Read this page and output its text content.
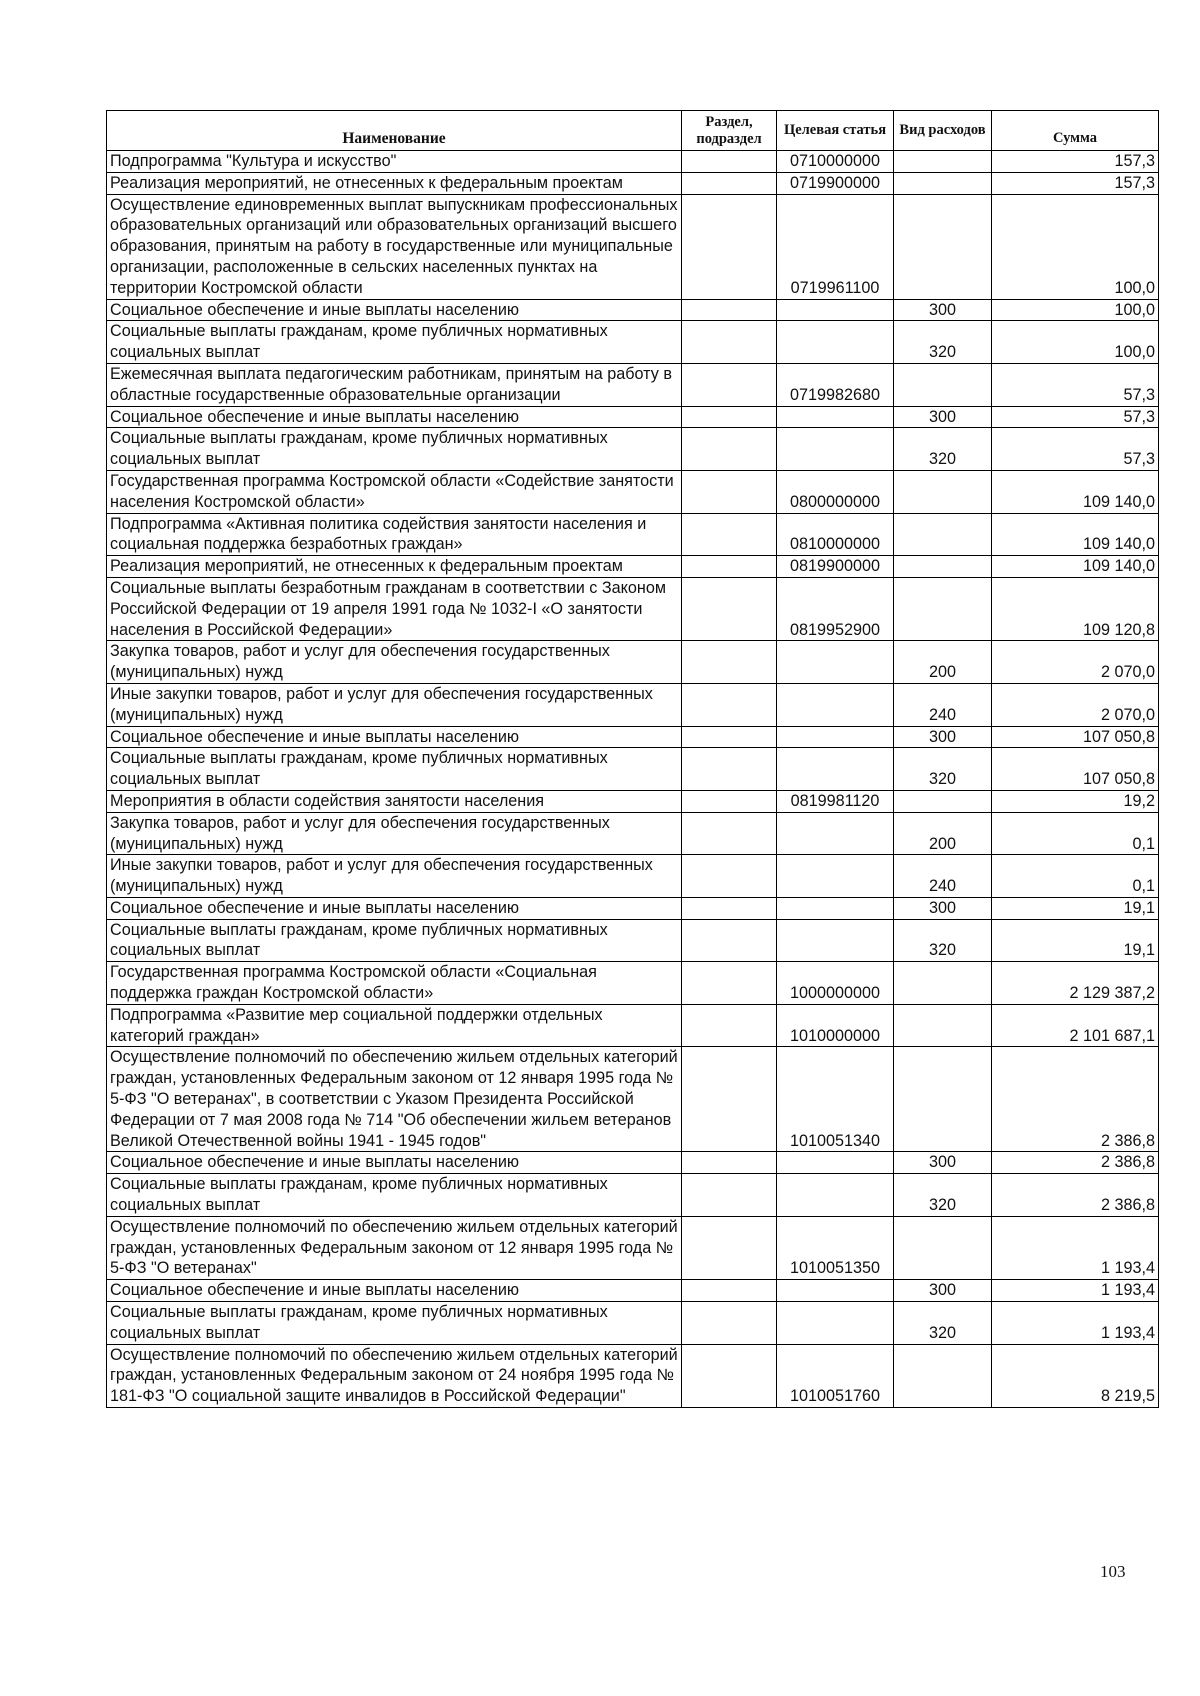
Наименование	Раздел, подраздел	Целевая статья	Вид расходов	Сумма
Подпрограмма "Культура и искусство"		0710000000		157,3
Реализация мероприятий, не отнесенных к федеральным проектам		0719900000		157,3
Осуществление единовременных выплат выпускникам профессиональных образовательных организаций или образовательных организаций высшего образования, принятым на работу в государственные или муниципальные организации, расположенные в сельских населенных пунктах на территории Костромской области		0719961100		100,0
Социальное обеспечение и иные выплаты населению			300	100,0
Социальные выплаты гражданам, кроме публичных нормативных социальных выплат			320	100,0
Ежемесячная выплата педагогическим работникам, принятым на работу в областные государственные образовательные организации		0719982680		57,3
Социальное обеспечение и иные выплаты населению			300	57,3
Социальные выплаты гражданам, кроме публичных нормативных социальных выплат			320	57,3
Государственная программа Костромской области «Содействие занятости населения Костромской области»		0800000000		109 140,0
Подпрограмма «Активная политика содействия занятости населения и социальная поддержка безработных граждан»		0810000000		109 140,0
Реализация мероприятий, не отнесенных к федеральным проектам		0819900000		109 140,0
Социальные выплаты безработным гражданам в соответствии с Законом Российской Федерации от 19 апреля 1991 года № 1032-I «О занятости населения в Российской Федерации»		0819952900		109 120,8
Закупка товаров, работ и услуг для обеспечения государственных (муниципальных) нужд			200	2 070,0
Иные закупки товаров, работ и услуг для обеспечения государственных (муниципальных) нужд			240	2 070,0
Социальное обеспечение и иные выплаты населению			300	107 050,8
Социальные выплаты гражданам, кроме публичных нормативных социальных выплат			320	107 050,8
Мероприятия в области содействия занятости населения		0819981120		19,2
Закупка товаров, работ и услуг для обеспечения государственных (муниципальных) нужд			200	0,1
Иные закупки товаров, работ и услуг для обеспечения государственных (муниципальных) нужд			240	0,1
Социальное обеспечение и иные выплаты населению			300	19,1
Социальные выплаты гражданам, кроме публичных нормативных социальных выплат			320	19,1
Государственная программа Костромской области «Социальная поддержка граждан Костромской области»		1000000000		2 129 387,2
Подпрограмма «Развитие мер социальной поддержки отдельных категорий граждан»		1010000000		2 101 687,1
Осуществление полномочий по обеспечению жильем отдельных категорий граждан, установленных Федеральным законом от 12 января 1995 года № 5-ФЗ "О ветеранах", в соответствии с Указом Президента Российской Федерации от 7 мая 2008 года № 714 "Об обеспечении жильем ветеранов Великой Отечественной войны 1941 - 1945 годов"		1010051340		2 386,8
Социальное обеспечение и иные выплаты населению			300	2 386,8
Социальные выплаты гражданам, кроме публичных нормативных социальных выплат			320	2 386,8
Осуществление полномочий по обеспечению жильем отдельных категорий граждан, установленных Федеральным законом от 12 января 1995 года № 5-ФЗ "О ветеранах"		1010051350		1 193,4
Социальное обеспечение и иные выплаты населению			300	1 193,4
Социальные выплаты гражданам, кроме публичных нормативных социальных выплат			320	1 193,4
Осуществление полномочий по обеспечению жильем отдельных категорий граждан, установленных Федеральным законом от 24 ноября 1995 года № 181-ФЗ "О социальной защите инвалидов в Российской Федерации"		1010051760		8 219,5
103
